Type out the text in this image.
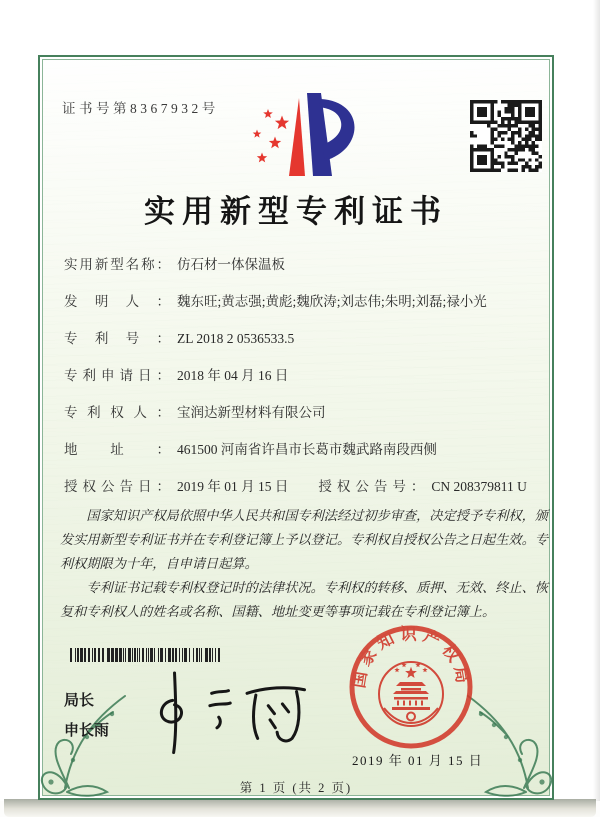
证书号第8367932号
实用新型专利证书
实用新型名称： 仿石材一体保温板
发明人： 魏东旺;黄志强;黄彪;魏欣涛;刘志伟;朱明;刘磊;禄小光
专利号： ZL 2018 2 0536533.5
专利申请日： 2018 年 04 月 16 日
专利权人： 宝润达新型材料有限公司
地址： 461500 河南省许昌市长葛市魏武路南段西侧
授权公告日： 2019 年 01 月 15 日 授权公告号： CN 208379811 U

国家知识产权局依照中华人民共和国专利法经过初步审查，决定授予专利权，颁发实用新型专利证书并在专利登记簿上予以登记。专利权自授权公告之日起生效。专利权期限为十年，自申请日起算。

专利证书记载专利权登记时的法律状况。专利权的转移、质押、无效、终止、恢复和专利权人的姓名或名称、国籍、地址变更等事项记载在专利登记簿上。

局长
申长雨
2019 年 01 月 15 日
国家知识产权局
第 1 页 (共 2 页)
